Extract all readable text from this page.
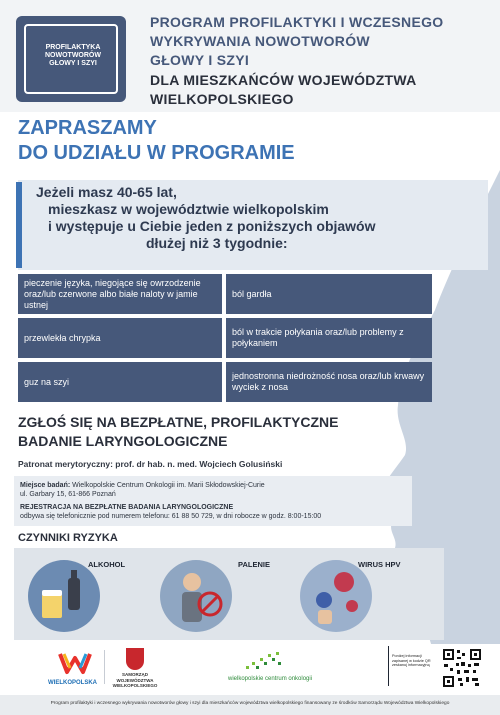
PROFILAKTYKA
NOWOTWORÓW
GŁOWY I SZYI
PROGRAM PROFILAKTYKI I WCZESNEGO
WYKRYWANIA NOWOTWORÓW
GŁOWY I SZYI
DLA MIESZKAŃCÓW WOJEWÓDZTWA
WIELKOPOLSKIEGO
ZAPRASZAMY
DO UDZIAŁU W PROGRAMIE
Jeżeli masz 40-65 lat,
mieszkasz w województwie wielkopolskim
i występuje u Ciebie jeden z poniższych objawów
dłużej niż 3 tygodnie:
pieczenie języka, niegojące się owrzodzenie oraz/lub czerwone albo białe naloty w jamie ustnej
ból gardła
przewlekła chrypka
ból w trakcie połykania oraz/lub problemy z połykaniem
guz na szyi
jednostronna niedrożność nosa oraz/lub krwawy wyciek z nosa
ZGŁOŚ SIĘ NA BEZPŁATNE, PROFILAKTYCZNE
BADANIE LARYNGOLOGICZNE
Patronat merytoryczny: prof. dr hab. n. med. Wojciech Golusiński
Miejsce badań: Wielkopolskie Centrum Onkologii im. Marii Skłodowskiej-Curie
ul. Garbary 15, 61-866 Poznań
REJESTRACJA NA BEZPŁATNE BADANIA LARYNGOLOGICZNE
odbywa się telefonicznie pod numerem telefonu: 61 88 50 729, w dni robocze w godz. 8:00-15:00
CZYNNIKI RYZYKA
ALKOHOL	PALENIE	WIRUS HPV
WIELKOPOLSKA
SAMORZĄD WOJEWÓDZTWA WIELKOPOLSKIEGO
wielkopolskie centrum onkologii
Poniżej informacji zapisanej w kodzie QR zeskanuj informacyjną
Program profilaktyki i wczesnego wykrywania nowotworów głowy i szyi dla mieszkańców województwa wielkopolskiego finansowany ze środków Samorządu Województwa Wielkopolskiego
